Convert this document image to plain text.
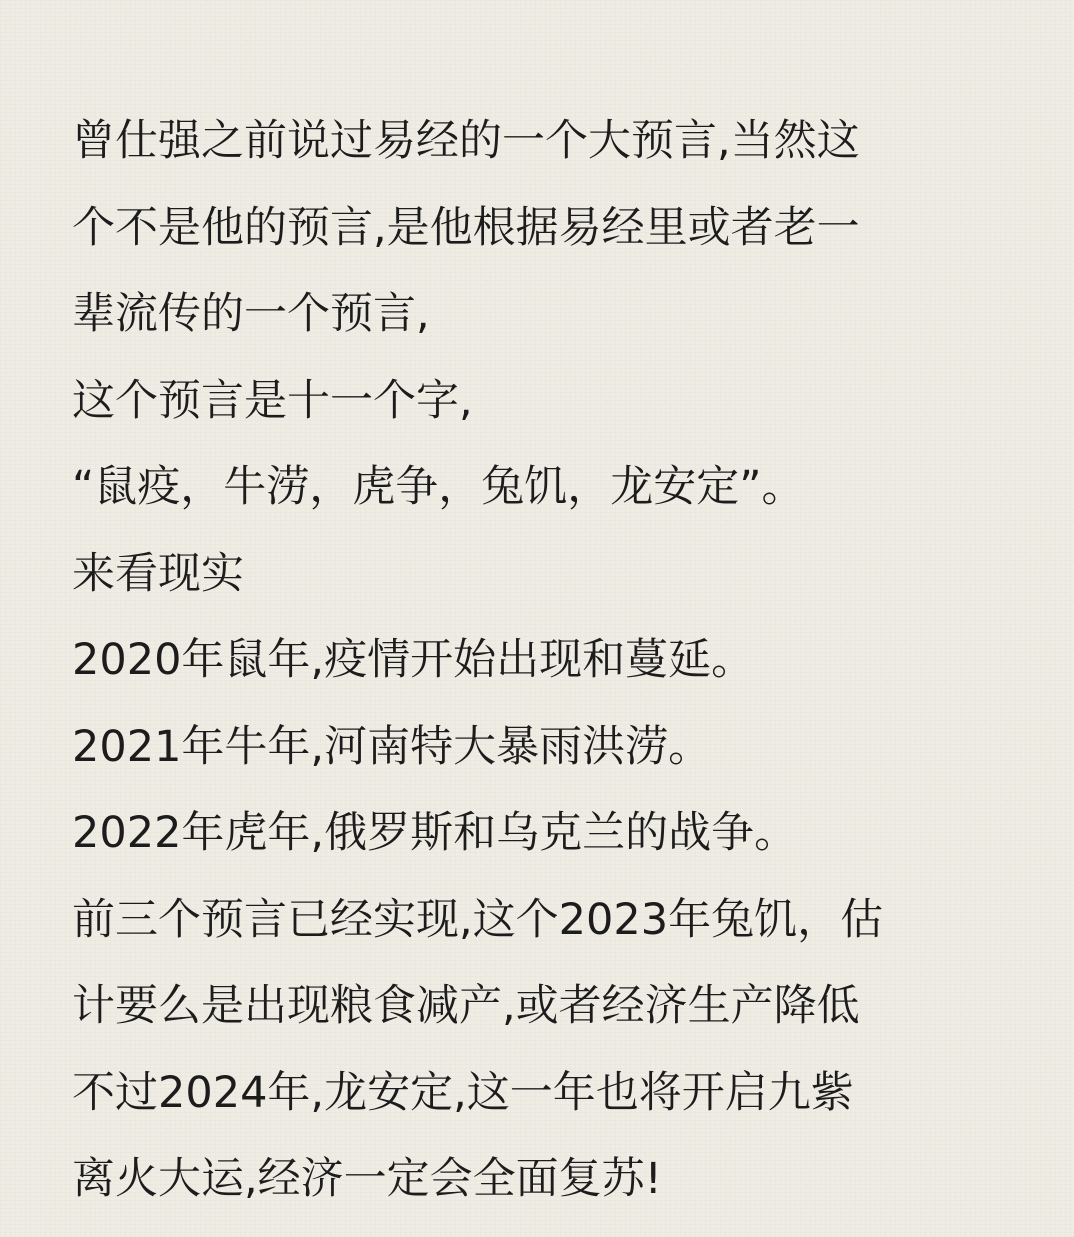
曾仕强之前说过易经的一个大预言,当然这
个不是他的预言,是他根据易经里或者老一
辈流传的一个预言,
这个预言是十一个字,
“鼠疫，牛涝，虎争，兔饥，龙安定”。
来看现实
2020年鼠年,疫情开始出现和蔓延。
2021年牛年,河南特大暴雨洪涝。
2022年虎年,俄罗斯和乌克兰的战争。
前三个预言已经实现,这个2023年兔饥，估
计要么是出现粮食减产,或者经济生产降低
不过2024年,龙安定,这一年也将开启九紫
离火大运,经济一定会全面复苏!
